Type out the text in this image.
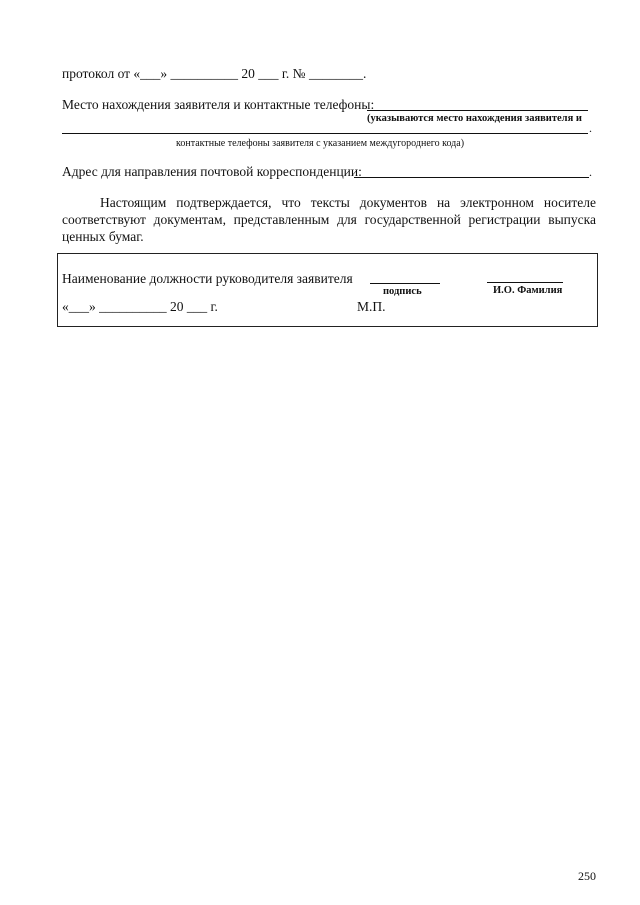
протокол от «___» __________ 20 ___ г. № ________.
Место нахождения заявителя и контактные телефоны:
(указываются место нахождения заявителя и
.
контактные телефоны заявителя с указанием междугороднего кода)
Адрес для направления почтовой корреспонденции:	.
Настоящим подтверждается, что тексты документов на электронном носителе соответствуют документам, представленным для государственной регистрации выпуска ценных бумаг.
Наименование должности руководителя заявителя
подпись	И.О. Фамилия
«___» __________ 20 ___ г.	М.П.
250
